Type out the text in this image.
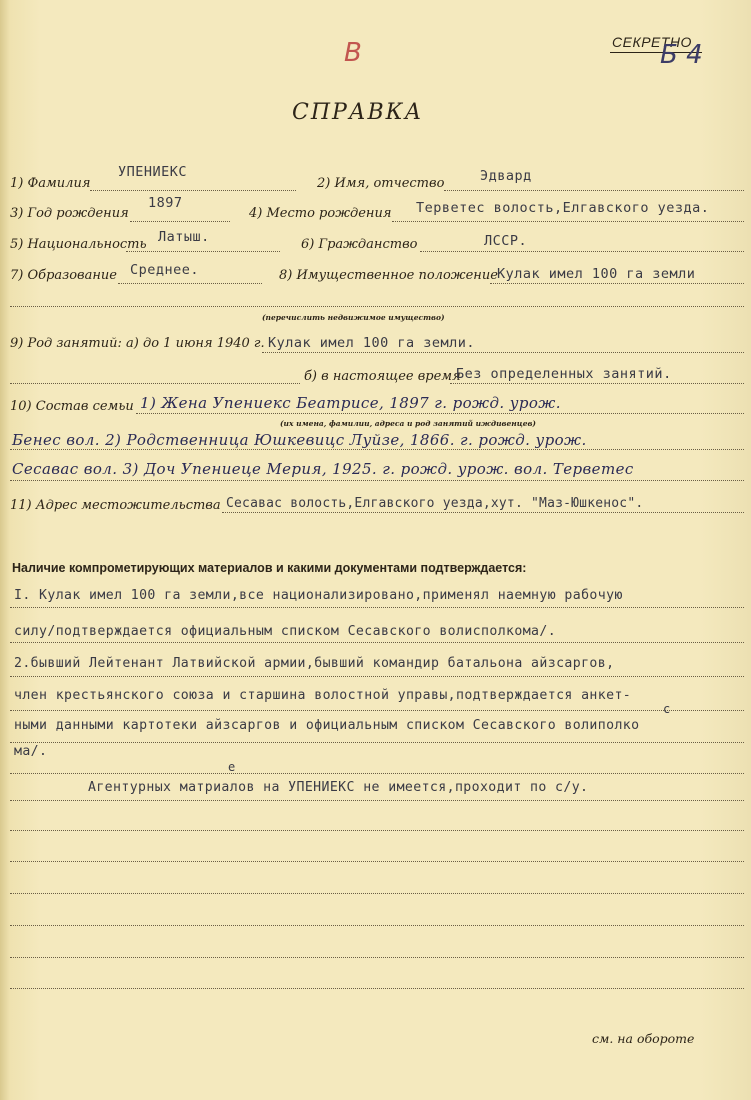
В	СЕКРЕТНО
Б 4
СПРАВКА
1) Фамилия
УПЕНИЕКС
2) Имя, отчество	Эдвард
3) Год рождения
1897
4) Место рождения Терветес волость,Елгавского уезда.
5) Национальность Латыш.	6) Гражданство	ЛССР.
7) Образование Среднее.	8) Имущественное положение Кулак имел 100 га земли
(перечислить недвижимое имущество)
9) Род занятий: а) до 1 июня 1940 г. Кулак имел 100 га земли.
б) в настоящее время
Без определенных занятий.
10) Состав семьи 1) Жена Упениекс Беатрисе, 1897 г. рожд. урож.
(их имена, фамилии, адреса и род занятий иждивенцев)
Бенес вол. 2) Родственница Юшкевицс Луйзе, 1866. г. рожд. урож.
Сесавас вол. 3) Доч Упениеце Мерия, 1925. г. рожд. урож. вол. Терветес
11) Адрес местожительства Сесавас волость,Елгавского уезда,хут. "Маз-Юшкенос".
Наличие компрометирующих материалов и какими документами подтверждается:
I. Кулак имел 100 га земли,все национализировано,применял наемную рабочую
силу/подтверждается официальным списком Сесавского волисполкома/.
2.бывший Лейтенант Латвийской армии,бывший командир батальона айзсаргов,
член крестьянского союза и старшина волостной управы,подтверждается анкет-
с
ными данными картотеки айзсаргов и официальным списком Сесавского волиполко
ма/.
е
Агентурных матриалов на УПЕНИЕКС не имеется,проходит по с/у.
см. на обороте
